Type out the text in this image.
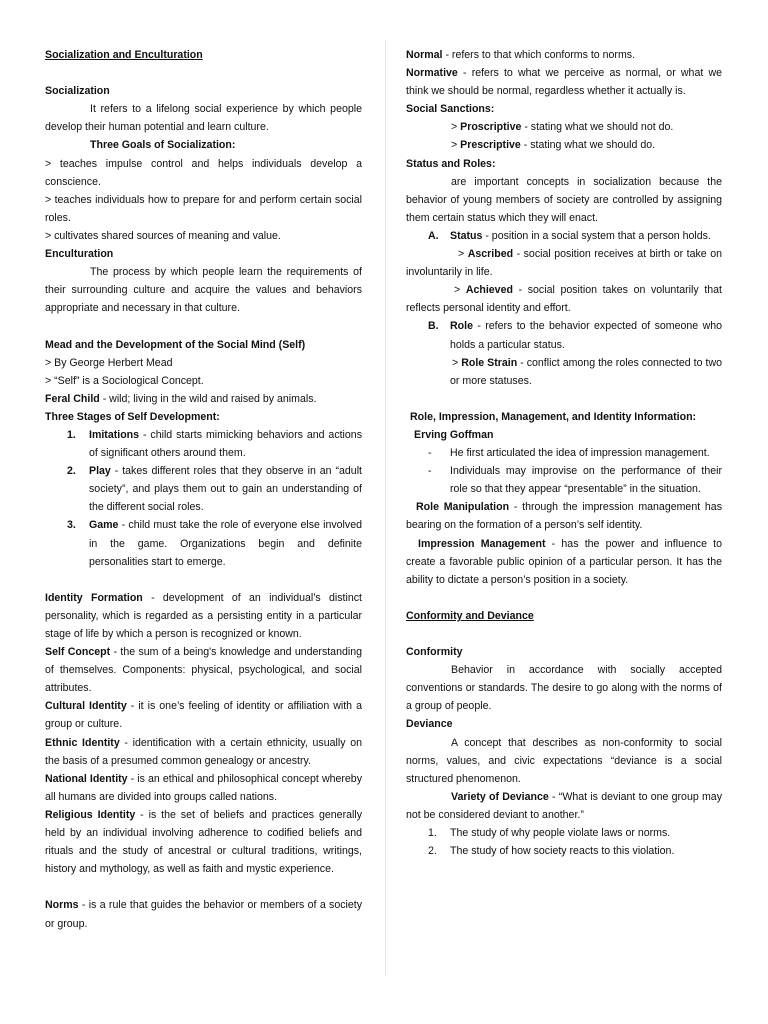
Socialization and Enculturation

Socialization

It refers to a lifelong social experience by which people develop their human potential and learn culture.

Three Goals of Socialization:

> teaches impulse control and helps individuals develop a conscience.

> teaches individuals how to prepare for and perform certain social roles.

> cultivates shared sources of meaning and value.

Enculturation

The process by which people learn the requirements of their surrounding culture and acquire the values and behaviors appropriate and necessary in that culture.

Mead and the Development of the Social Mind (Self)

> By George Herbert Mead

> “Self” is a Sociological Concept.

Feral Child - wild; living in the wild and raised by animals.

Three Stages of Self Development:

1. Imitations - child starts mimicking behaviors and actions of significant others around them.
2. Play - takes different roles that they observe in an “adult society”, and plays them out to gain an understanding of the different social roles.
3. Game - child must take the role of everyone else involved in the game. Organizations begin and definite personalities start to emerge.

Identity Formation - development of an individual’s distinct personality, which is regarded as a persisting entity in a particular stage of life by which a person is recognized or known.

Self Concept - the sum of a being's knowledge and understanding of themselves. Components: physical, psychological, and social attributes.

Cultural Identity - it is one’s feeling of identity or affiliation with a group or culture.

Ethnic Identity - identification with a certain ethnicity, usually on the basis of a presumed common genealogy or ancestry.

National Identity - is an ethical and philosophical concept whereby all humans are divided into groups called nations.

Religious Identity - is the set of beliefs and practices generally held by an individual involving adherence to codified beliefs and rituals and the study of ancestral or cultural traditions, writings, history and mythology, as well as faith and mystic experience.

Norms - is a rule that guides the behavior or members of a society or group.

Normal - refers to that which conforms to norms.

Normative - refers to what we perceive as normal, or what we think we should be normal, regardless whether it actually is.

Social Sanctions:

> Proscriptive - stating what we should not do.

> Prescriptive - stating what we should do.

Status and Roles:

are important concepts in socialization because the behavior of young members of society are controlled by assigning them certain status which they will enact.

A. Status - position in a social system that a person holds.

> Ascribed - social position receives at birth or take on involuntarily in life.

> Achieved - social position takes on voluntarily that reflects personal identity and effort.

B. Role - refers to the behavior expected of someone who holds a particular status.
> Role Strain - conflict among the roles connected to two or more statuses.

Role, Impression, Management, and Identity Information:

Erving Goffman

- He first articulated the idea of impression management.
- Individuals may improvise on the performance of their role so that they appear “presentable” in the situation.

Role Manipulation - through the impression management has bearing on the formation of a person’s self identity.

Impression Management - has the power and influence to create a favorable public opinion of a particular person. It has the ability to dictate a person’s position in a society.

Conformity and Deviance

Conformity

Behavior in accordance with socially accepted conventions or standards. The desire to go along with the norms of a group of people.

Deviance

A concept that describes as non-conformity to social norms, values, and civic expectations “deviance is a social structured phenomenon.

Variety of Deviance - “What is deviant to one group may not be considered deviant to another.”

1. The study of why people violate laws or norms.
2. The study of how society reacts to this violation.
